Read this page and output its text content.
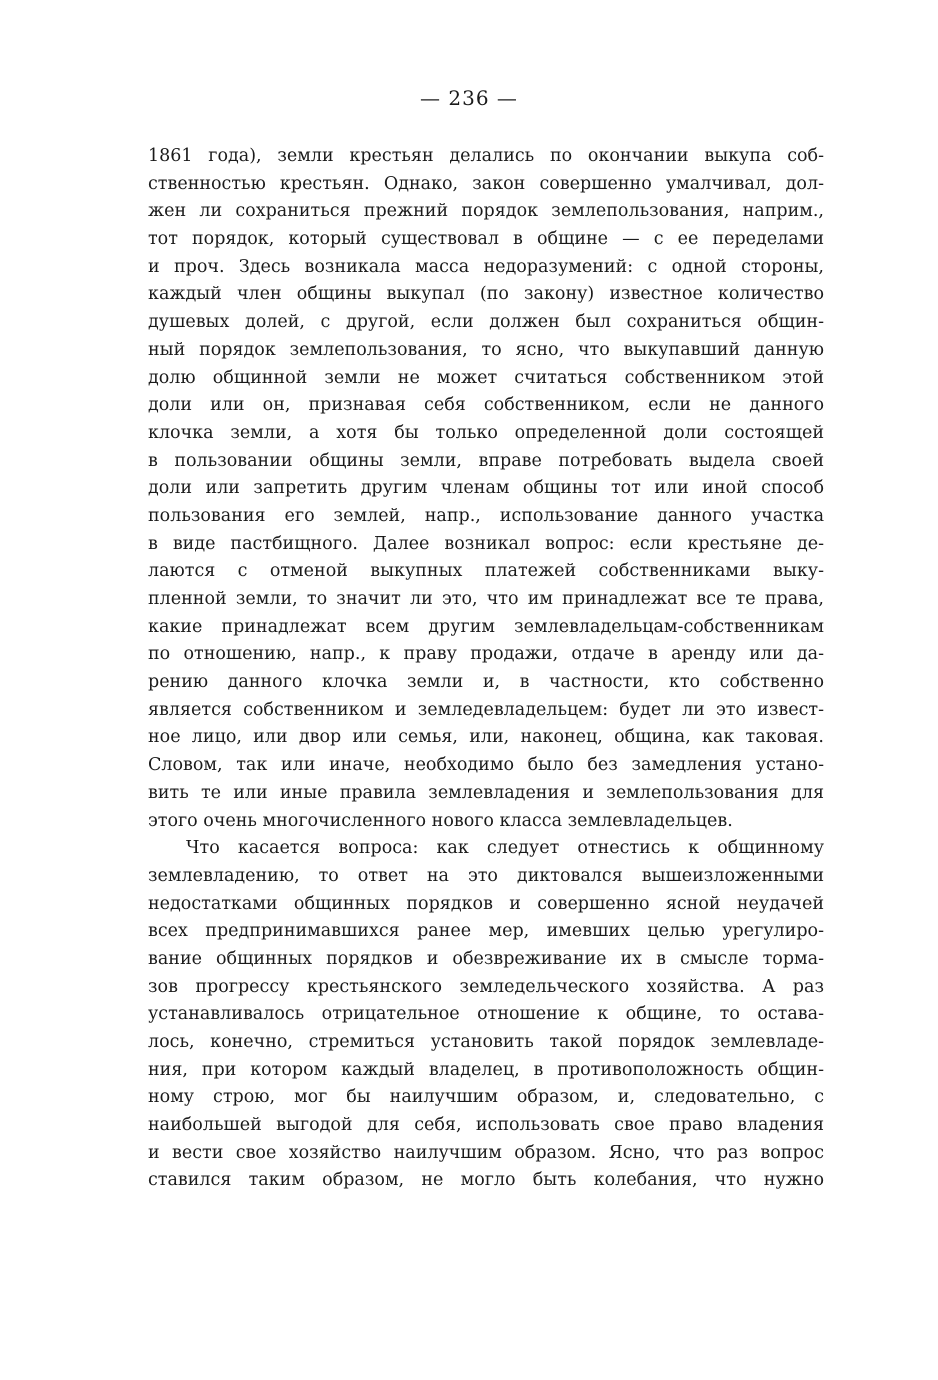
— 236 —
1861 года), земли крестьян делались по окончании выкупа соб-
ственностью крестьян. Однако, закон совершенно умалчивал, дол-
жен ли сохраниться прежний порядок землепользования, наприм.,
тот порядок, который существовал в общине — с ее переделами
и проч. Здесь возникала масса недоразумений: с одной стороны,
каждый член общины выкупал (по закону) известное количество
душевых долей, с другой, если должен был сохраниться общин-
ный порядок землепользования, то ясно, что выкупавший данную
долю общинной земли не может считаться собственником этой
доли или он, признавая себя собственником, если не данного
клочка земли, а хотя бы только определенной доли состоящей
в пользовании общины земли, вправе потребовать выдела своей
доли или запретить другим членам общины тот или иной способ
пользования его землей, напр., использование данного участка
в виде пастбищного. Далее возникал вопрос: если крестьяне де-
лаются с отменой выкупных платежей собственниками выку-
пленной земли, то значит ли это, что им принадлежат все те права,
какие принадлежат всем другим землевладельцам-собственникам
по отношению, напр., к праву продажи, отдаче в аренду или да-
рению данного клочка земли и, в частности, кто собственно
является собственником и земледевладельцем: будет ли это извест-
ное лицо, или двор или семья, или, наконец, община, как таковая.
Словом, так или иначе, необходимо было без замедления устано-
вить те или иные правила землевладения и землепользования для
этого очень многочисленного нового класса землевладельцев.
Что касается вопроса: как следует отнестись к общинному
землевладению, то ответ на это диктовался вышеизложенными
недостатками общинных порядков и совершенно ясной неудачей
всех предпринимавшихся ранее мер, имевших целью урегулиро-
вание общинных порядков и обезвреживание их в смысле торма-
зов прогрессу крестьянского земледельческого хозяйства. А раз
устанавливалось отрицательное отношение к общине, то остава-
лось, конечно, стремиться установить такой порядок землевладе-
ния, при котором каждый владелец, в противоположность общин-
ному строю, мог бы наилучшим образом, и, следовательно, с
наибольшей выгодой для себя, использовать свое право владения
и вести свое хозяйство наилучшим образом. Ясно, что раз вопрос
ставился таким образом, не могло быть колебания, что нужно
